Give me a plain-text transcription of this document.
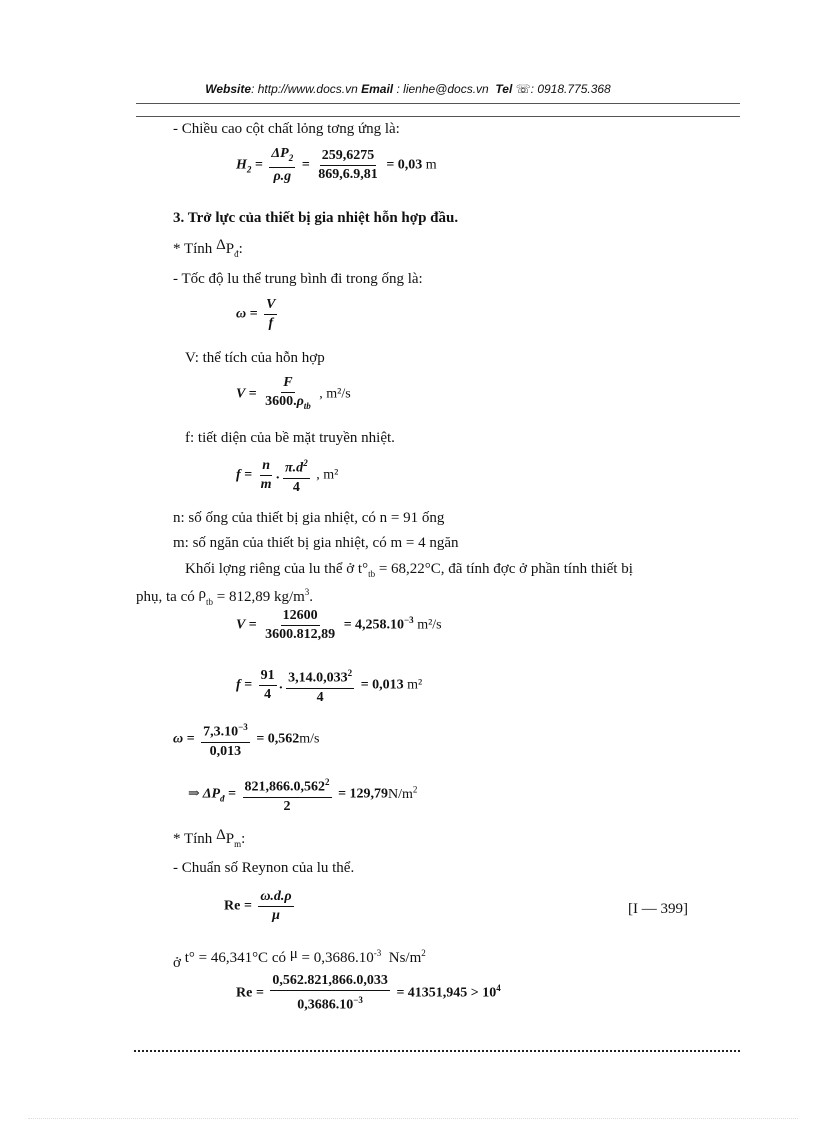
Website: http://www.docs.vn Email : lienhe@docs.vn Tel ☏: 0918.775.368
- Chiều cao cột chất lỏng tơng ứng là:
$H_2 = \frac{\Delta P_2}{\rho.g} = \frac{259,6275}{869,6.9,81} = 0,03$ m
3. Trở lực của thiết bị gia nhiệt hỗn hợp đầu.
* Tính $\Delta P_đ$:
- Tốc độ lu thể trung bình đi trong ống là:
$\omega = \frac{V}{f}$
V: thể tích của hỗn hợp
$V = \frac{F}{3600.\rho_{tb}}$ , m²/s
f: tiết diện của bề mặt truyền nhiệt.
$f = \frac{n}{m}$ . $\frac{\pi.d^2}{4}$ , m²
n: số ống của thiết bị gia nhiệt, có n = 91 ống
m: số ngăn của thiết bị gia nhiệt, có m = 4 ngăn
Khối lợng riêng của lu thể ở $t^\circ_{tb} = 68,22^\circ C$, đã tính đợc ở phần tính thiết bị
phụ, ta có $\rho_{tb} = 812,89$ $kg/m^3$.
$V = \frac{12600}{3600.812,89} = 4,258.10^{-3}$ m²/s
$f = \frac{91}{4}$ . $\frac{3,14.0,033^2}{4} = 0,013$ m²
$\omega = \frac{7,3.10^{-3}}{0,013} = 0,562m/s$
⇒ $\Delta P_đ = \frac{821,866.0,562^2}{2} = 129,79N/m^2$
* Tính $\Delta P_m$:
- Chuẩn số Reynon của lu thể.
$Re = \frac{\omega.d.\rho}{\mu}$	[I — 399]
ở t° = 46,341°C có $\mu = 0,3686.10^{-3}$ $Ns/m^2$
$Re = \frac{0,562.821,866.0,033}{0,3686.10^{-3}} = 41351,945 > 10^4$
